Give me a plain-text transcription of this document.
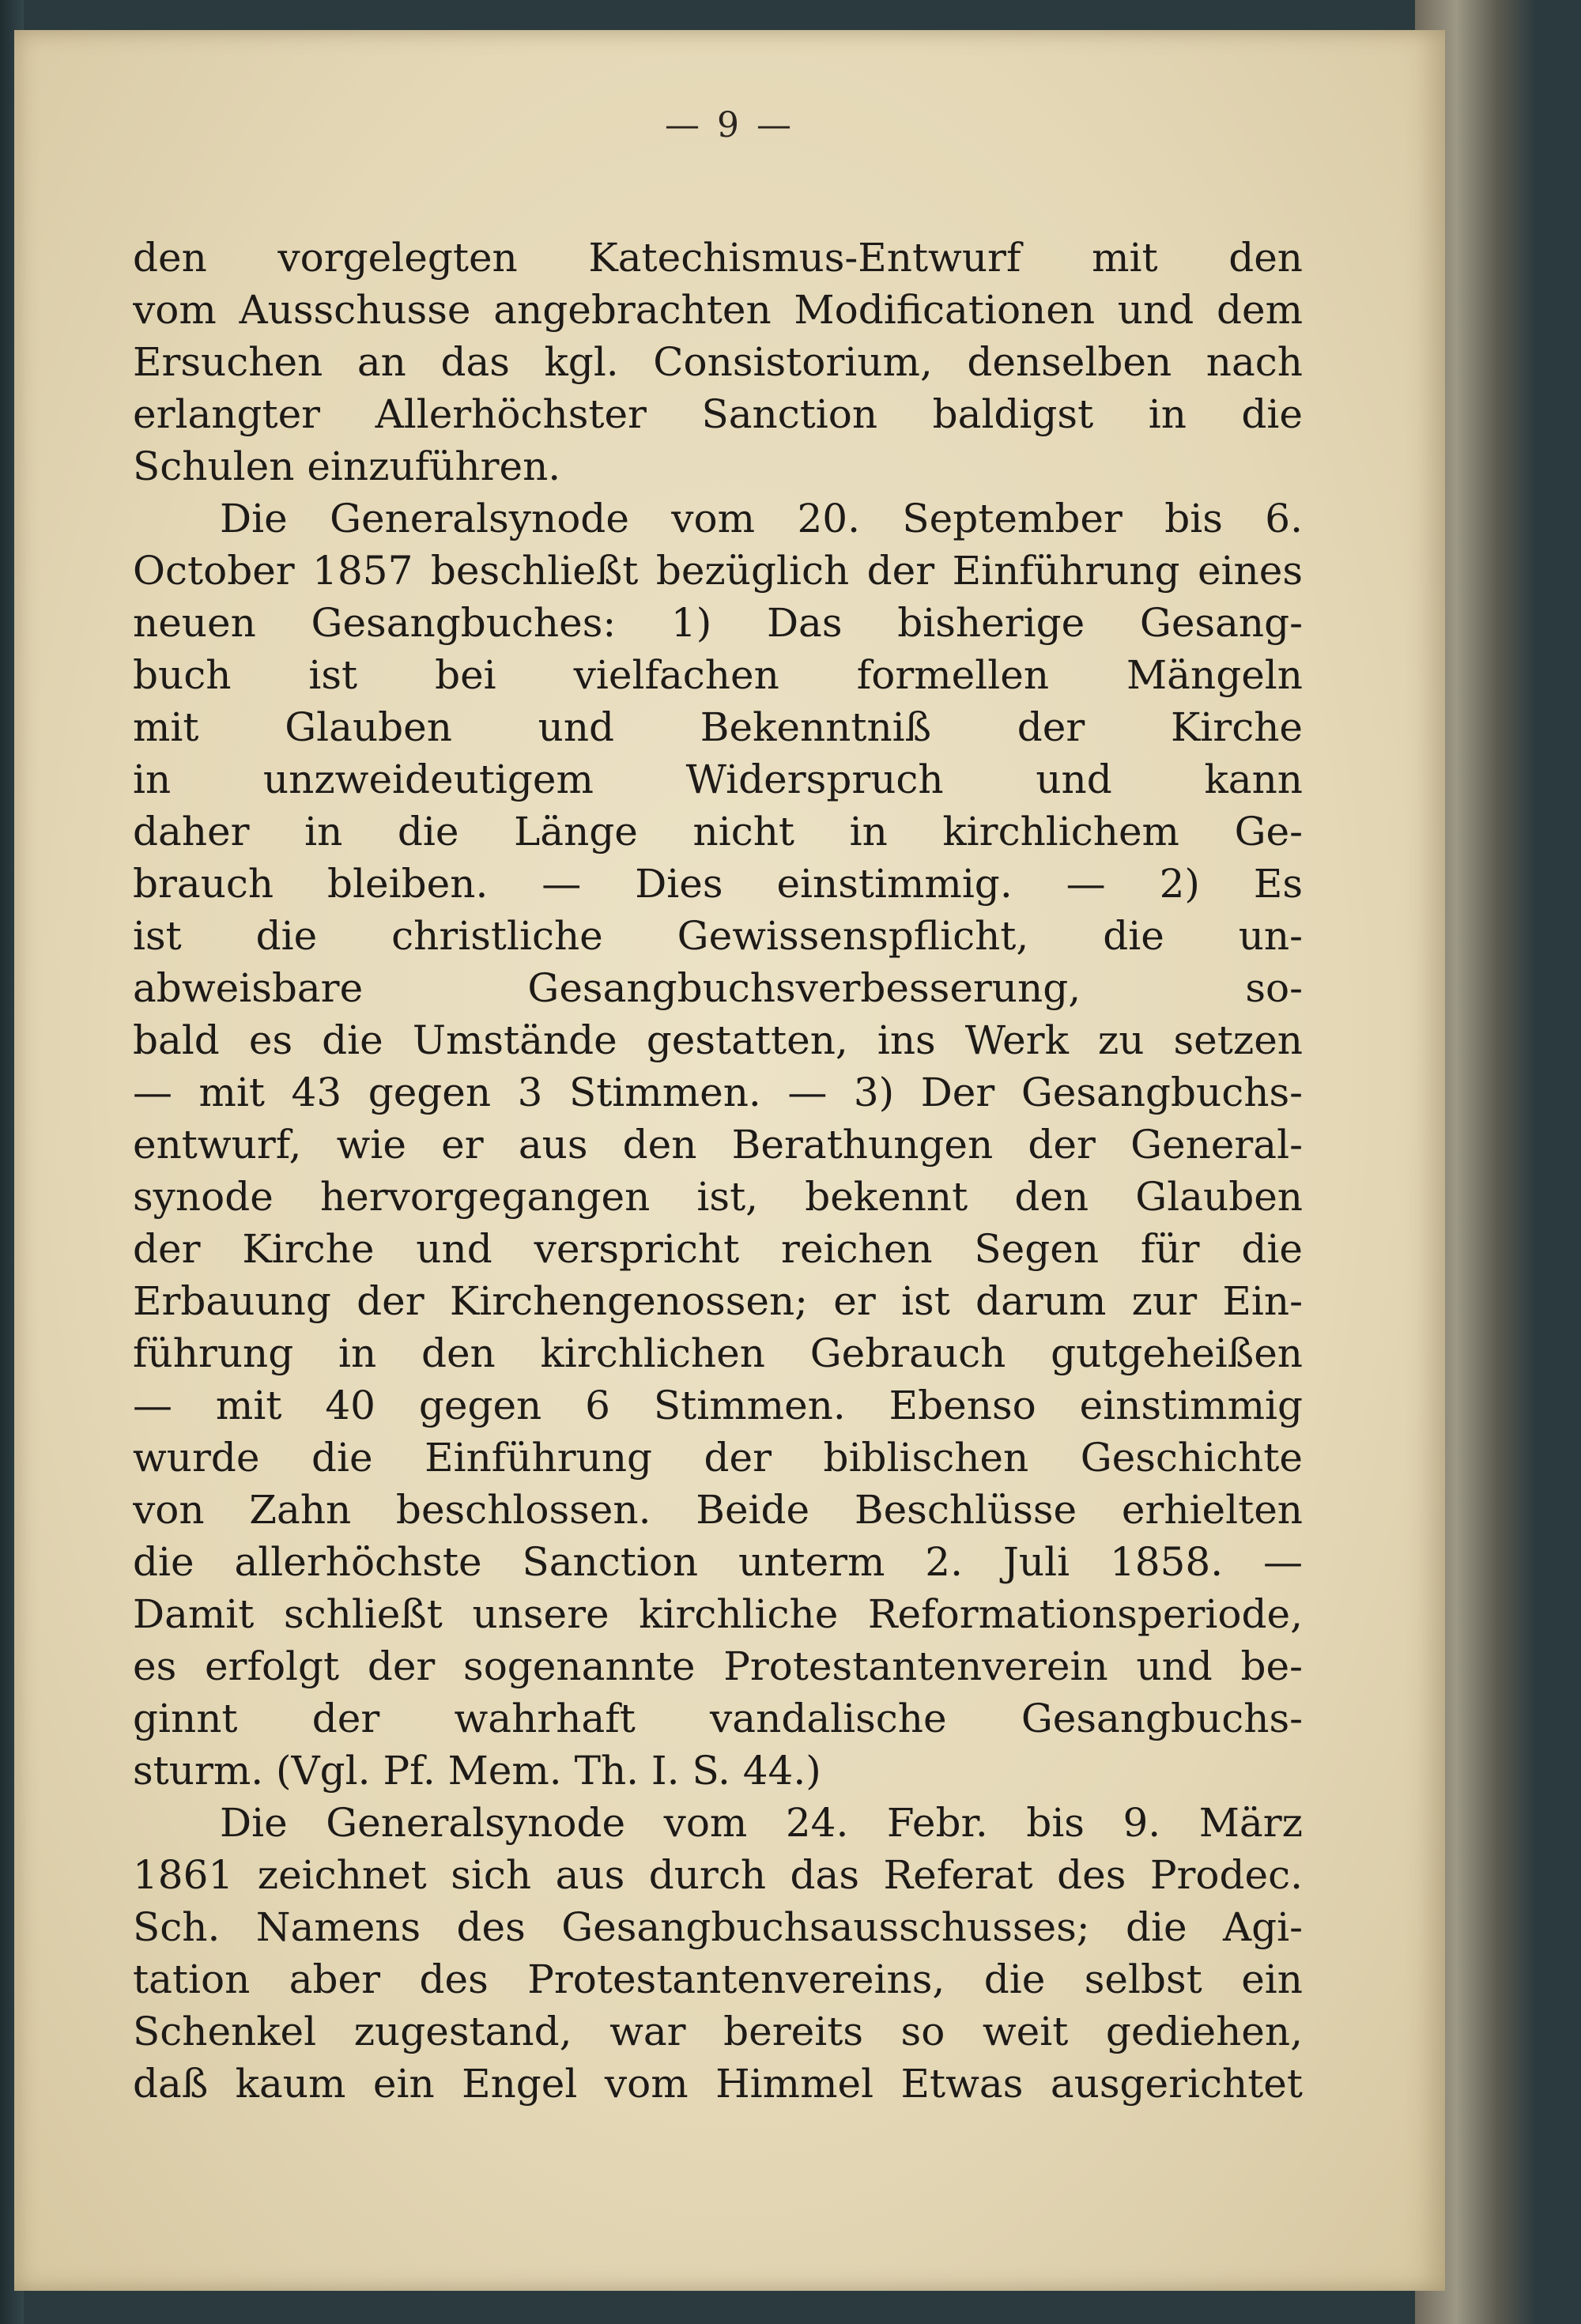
— 9 —
den vorgelegten Katechismus-Entwurf mit den
vom Ausschusse angebrachten Modificationen und dem
Ersuchen an das kgl. Consistorium, denselben nach
erlangter Allerhöchster Sanction baldigst in die
Schulen einzuführen.
Die Generalsynode vom 20. September bis 6.
October 1857 beschließt bezüglich der Einführung eines
neuen Gesangbuches: 1) Das bisherige Gesang-
buch ist bei vielfachen formellen Mängeln
mit Glauben und Bekenntniß der Kirche
in unzweideutigem Widerspruch und kann
daher in die Länge nicht in kirchlichem Ge-
brauch bleiben. — Dies einstimmig. — 2) Es
ist die christliche Gewissenspflicht, die un-
abweisbare Gesangbuchsverbesserung, so-
bald es die Umstände gestatten, ins Werk zu setzen
— mit 43 gegen 3 Stimmen. — 3) Der Gesangbuchs-
entwurf, wie er aus den Berathungen der General-
synode hervorgegangen ist, bekennt den Glauben
der Kirche und verspricht reichen Segen für die
Erbauung der Kirchengenossen; er ist darum zur Ein-
führung in den kirchlichen Gebrauch gutgeheißen
— mit 40 gegen 6 Stimmen. Ebenso einstimmig
wurde die Einführung der biblischen Geschichte
von Zahn beschlossen. Beide Beschlüsse erhielten
die allerhöchste Sanction unterm 2. Juli 1858. —
Damit schließt unsere kirchliche Reformationsperiode,
es erfolgt der sogenannte Protestantenverein und be-
ginnt der wahrhaft vandalische Gesangbuchs-
sturm. (Vgl. Pf. Mem. Th. I. S. 44.)
Die Generalsynode vom 24. Febr. bis 9. März
1861 zeichnet sich aus durch das Referat des Prodec.
Sch. Namens des Gesangbuchsausschusses; die Agi-
tation aber des Protestantenvereins, die selbst ein
Schenkel zugestand, war bereits so weit gediehen,
daß kaum ein Engel vom Himmel Etwas ausgerichtet
